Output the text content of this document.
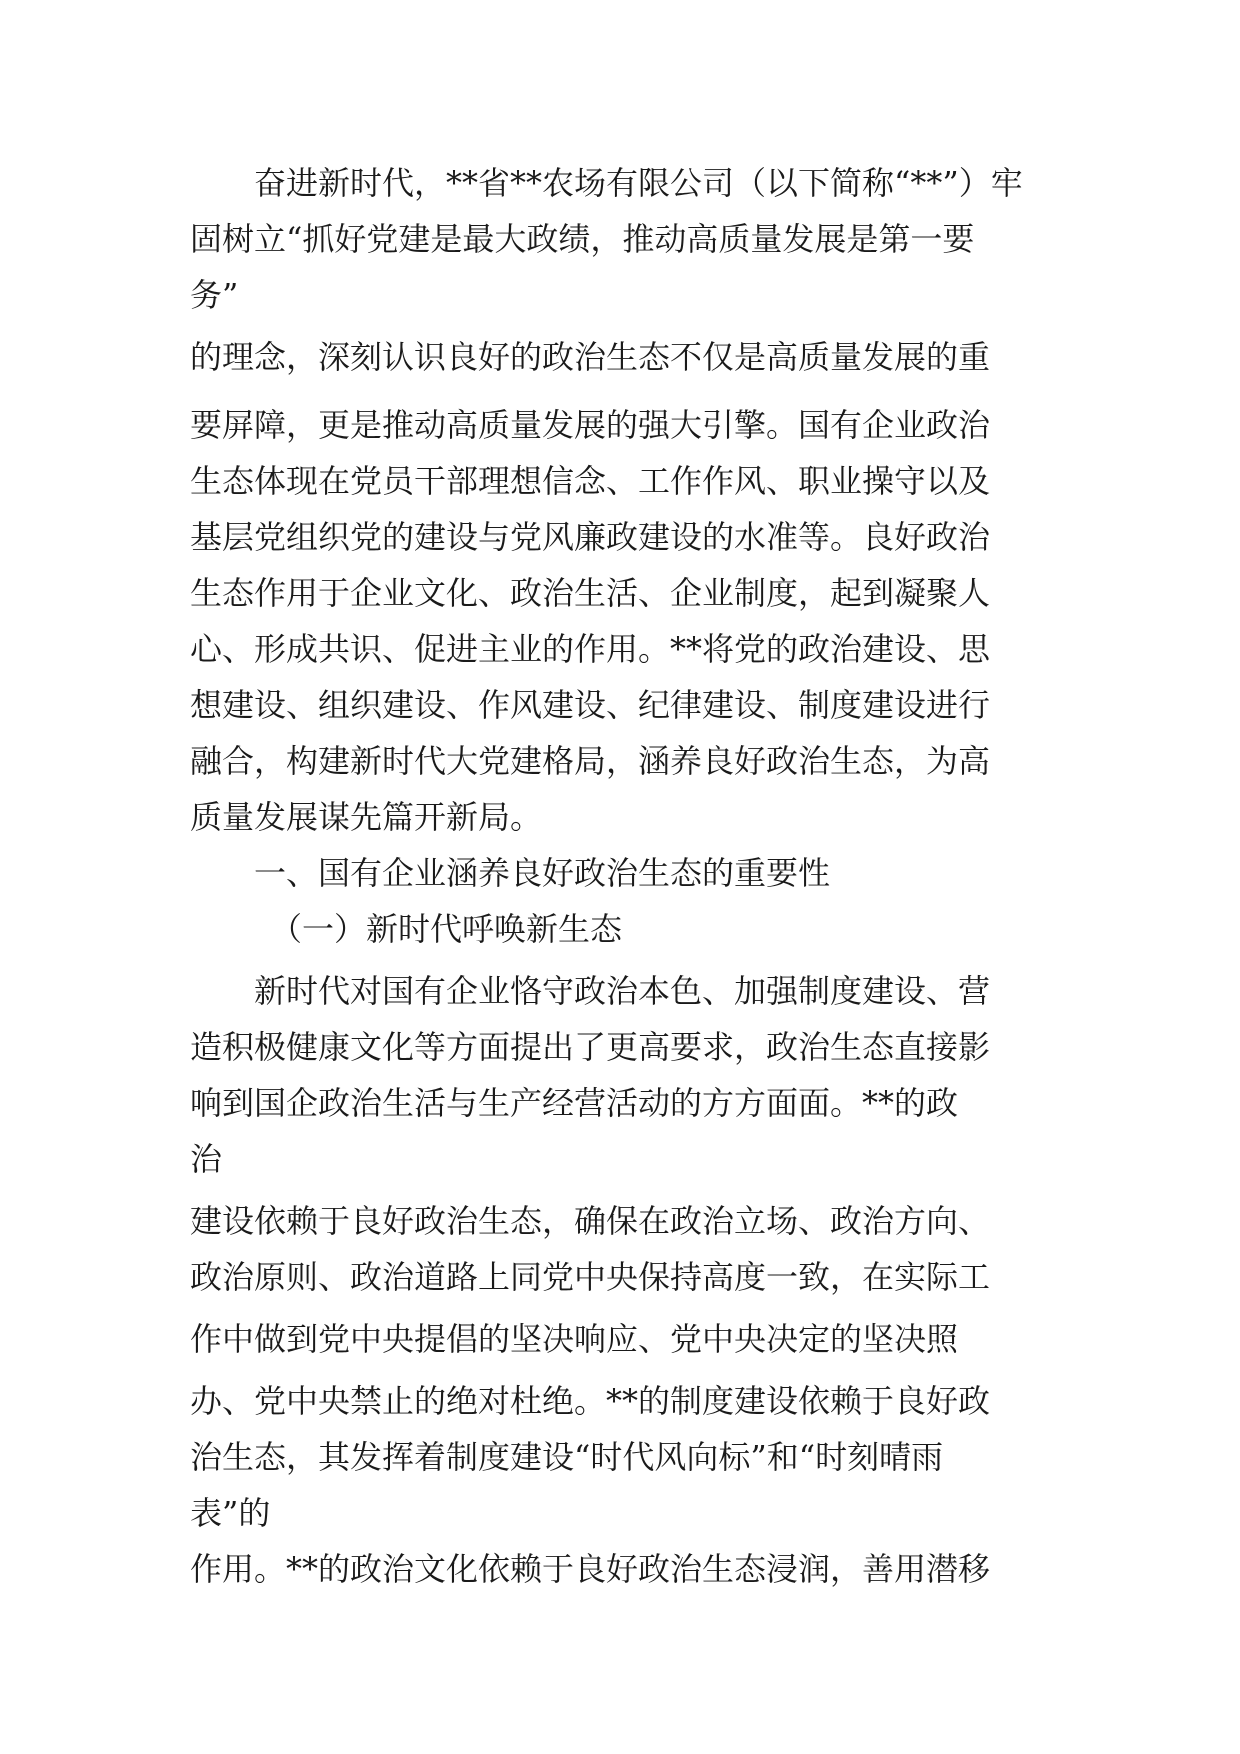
奋进新时代，**省**农场有限公司（以下简称“**”）牢
固树立“抓好党建是最大政绩，推动高质量发展是第一要
务”
的理念，深刻认识良好的政治生态不仅是高质量发展的重
要屏障，更是推动高质量发展的强大引擎。国有企业政治
生态体现在党员干部理想信念、工作作风、职业操守以及
基层党组织党的建设与党风廉政建设的水准等。良好政治
生态作用于企业文化、政治生活、企业制度，起到凝聚人
心、形成共识、促进主业的作用。**将党的政治建设、思
想建设、组织建设、作风建设、纪律建设、制度建设进行
融合，构建新时代大党建格局，涵养良好政治生态，为高
质量发展谋先篇开新局。
一、国有企业涵养良好政治生态的重要性
（一）新时代呼唤新生态
新时代对国有企业恪守政治本色、加强制度建设、营
造积极健康文化等方面提出了更高要求，政治生态直接影
响到国企政治生活与生产经营活动的方方面面。**的政
治
建设依赖于良好政治生态，确保在政治立场、政治方向、
政治原则、政治道路上同党中央保持高度一致，在实际工
作中做到党中央提倡的坚决响应、党中央决定的坚决照
办、党中央禁止的绝对杜绝。**的制度建设依赖于良好政
治生态，其发挥着制度建设“时代风向标”和“时刻晴雨
表”的
作用。**的政治文化依赖于良好政治生态浸润，善用潜移
